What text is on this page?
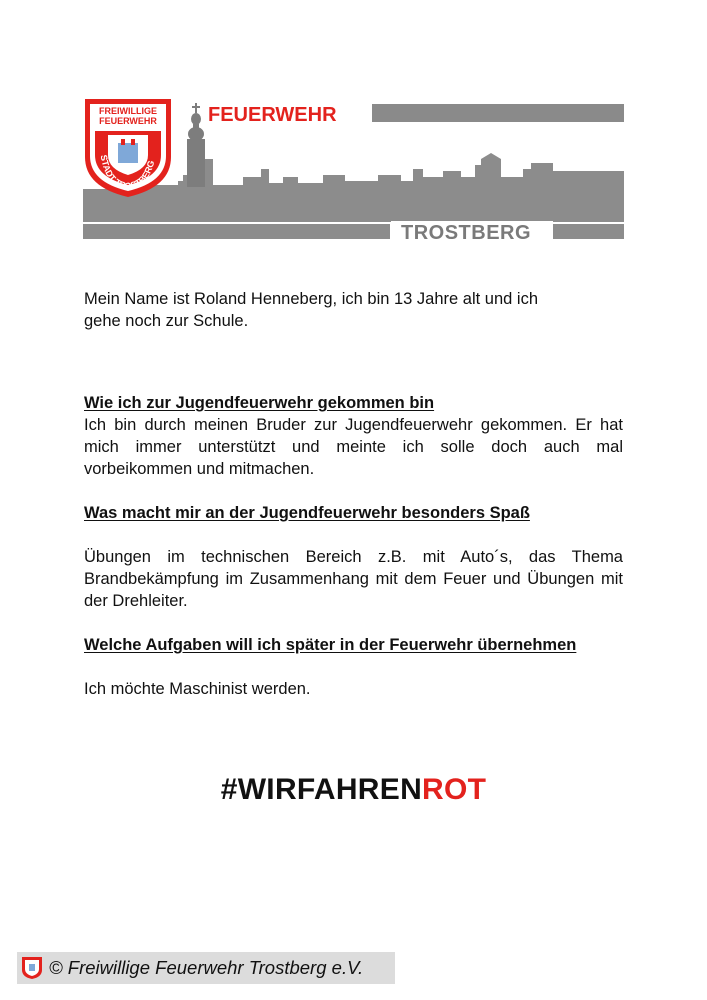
FREIWILLIGE
FEUERWEHR
STADT TROSTBERG
FEUERWEHR
TROSTBERG

Mein Name ist Roland Henneberg, ich bin 13 Jahre alt und ich
gehe noch zur Schule.

Wie ich zur Jugendfeuerwehr gekommen bin

Ich bin durch meinen Bruder zur Jugendfeuerwehr gekommen. Er hat mich immer unterstützt und meinte ich solle doch auch mal vorbeikommen und mitmachen.

Was macht mir an der Jugendfeuerwehr besonders Spaß

Übungen im technischen Bereich z.B. mit Auto´s, das Thema Brandbekämpfung im Zusammenhang mit dem Feuer und Übungen mit der Drehleiter.

Welche Aufgaben will ich später in der Feuerwehr übernehmen

Ich möchte Maschinist werden.

#WIRFAHRENROT
© Freiwillige Feuerwehr Trostberg e.V.
